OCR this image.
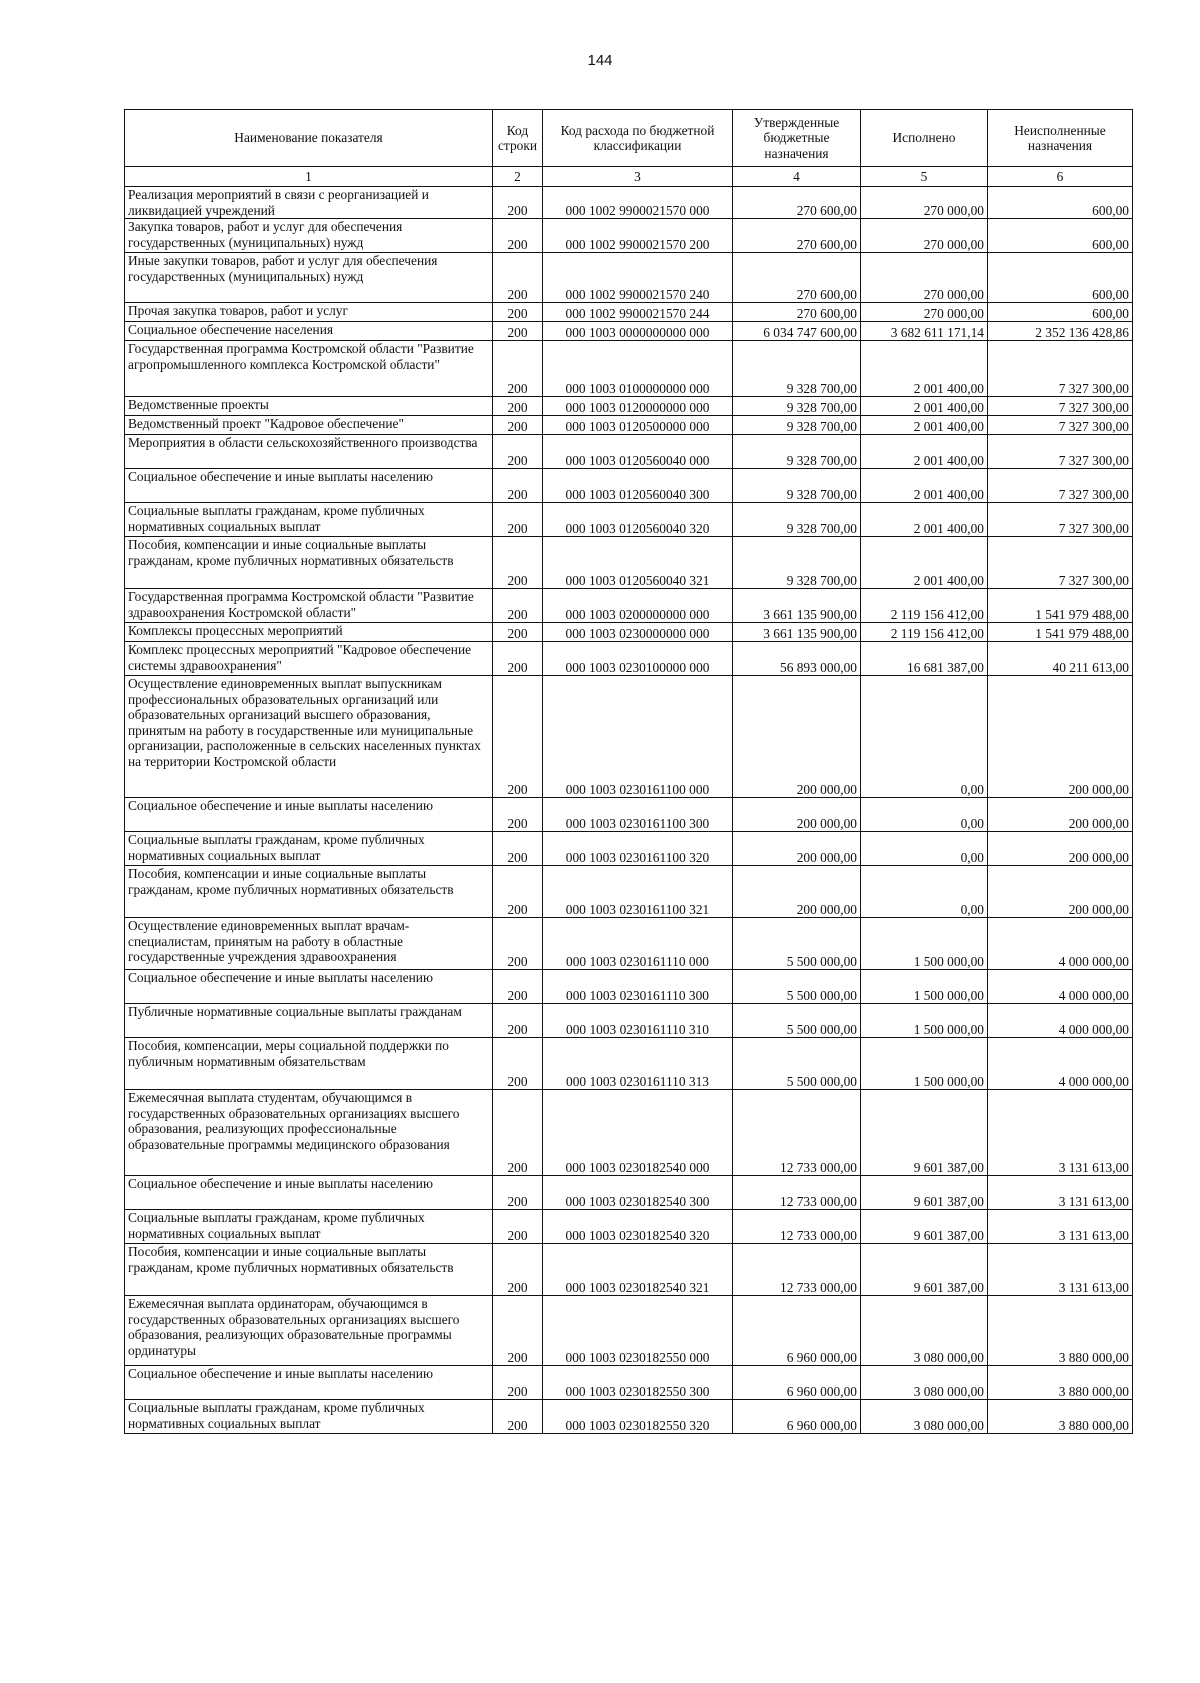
144
Наименование показателя	Код строки	Код расхода по бюджетной классификации	Утвержденные бюджетные назначения	Исполнено	Неисполненные назначения
1	2	3	4	5	6
Реализация мероприятий в связи с реорганизацией и ликвидацией учреждений	200	000 1002 9900021570 000	270 600,00	270 000,00	600,00
Закупка товаров, работ и услуг для обеспечения государственных (муниципальных) нужд	200	000 1002 9900021570 200	270 600,00	270 000,00	600,00
Иные закупки товаров, работ и услуг для обеспечения государственных (муниципальных) нужд	200	000 1002 9900021570 240	270 600,00	270 000,00	600,00
Прочая закупка товаров, работ и услуг	200	000 1002 9900021570 244	270 600,00	270 000,00	600,00
Социальное обеспечение населения	200	000 1003 0000000000 000	6 034 747 600,00	3 682 611 171,14	2 352 136 428,86
Государственная программа Костромской области "Развитие агропромышленного комплекса Костромской области"	200	000 1003 0100000000 000	9 328 700,00	2 001 400,00	7 327 300,00
Ведомственные проекты	200	000 1003 0120000000 000	9 328 700,00	2 001 400,00	7 327 300,00
Ведомственный проект "Кадровое обеспечение"	200	000 1003 0120500000 000	9 328 700,00	2 001 400,00	7 327 300,00
Мероприятия в области сельскохозяйственного производства	200	000 1003 0120560040 000	9 328 700,00	2 001 400,00	7 327 300,00
Социальное обеспечение и иные выплаты населению	200	000 1003 0120560040 300	9 328 700,00	2 001 400,00	7 327 300,00
Социальные выплаты гражданам, кроме публичных нормативных социальных выплат	200	000 1003 0120560040 320	9 328 700,00	2 001 400,00	7 327 300,00
Пособия, компенсации и иные социальные выплаты гражданам, кроме публичных нормативных обязательств	200	000 1003 0120560040 321	9 328 700,00	2 001 400,00	7 327 300,00
Государственная программа Костромской области "Развитие здравоохранения Костромской области"	200	000 1003 0200000000 000	3 661 135 900,00	2 119 156 412,00	1 541 979 488,00
Комплексы процессных мероприятий	200	000 1003 0230000000 000	3 661 135 900,00	2 119 156 412,00	1 541 979 488,00
Комплекс процессных мероприятий "Кадровое обеспечение системы здравоохранения"	200	000 1003 0230100000 000	56 893 000,00	16 681 387,00	40 211 613,00
Осуществление единовременных выплат выпускникам профессиональных образовательных организаций или образовательных организаций высшего образования, принятым на работу в государственные или муниципальные организации, расположенные в сельских населенных пунктах на территории Костромской области	200	000 1003 0230161100 000	200 000,00	0,00	200 000,00
Социальное обеспечение и иные выплаты населению	200	000 1003 0230161100 300	200 000,00	0,00	200 000,00
Социальные выплаты гражданам, кроме публичных нормативных социальных выплат	200	000 1003 0230161100 320	200 000,00	0,00	200 000,00
Пособия, компенсации и иные социальные выплаты гражданам, кроме публичных нормативных обязательств	200	000 1003 0230161100 321	200 000,00	0,00	200 000,00
Осуществление единовременных выплат врачам-специалистам, принятым на работу в областные государственные учреждения здравоохранения	200	000 1003 0230161110 000	5 500 000,00	1 500 000,00	4 000 000,00
Социальное обеспечение и иные выплаты населению	200	000 1003 0230161110 300	5 500 000,00	1 500 000,00	4 000 000,00
Публичные нормативные социальные выплаты гражданам	200	000 1003 0230161110 310	5 500 000,00	1 500 000,00	4 000 000,00
Пособия, компенсации, меры социальной поддержки по публичным нормативным обязательствам	200	000 1003 0230161110 313	5 500 000,00	1 500 000,00	4 000 000,00
Ежемесячная выплата студентам, обучающимся в государственных образовательных организациях высшего образования, реализующих профессиональные образовательные программы медицинского образования	200	000 1003 0230182540 000	12 733 000,00	9 601 387,00	3 131 613,00
Социальное обеспечение и иные выплаты населению	200	000 1003 0230182540 300	12 733 000,00	9 601 387,00	3 131 613,00
Социальные выплаты гражданам, кроме публичных нормативных социальных выплат	200	000 1003 0230182540 320	12 733 000,00	9 601 387,00	3 131 613,00
Пособия, компенсации и иные социальные выплаты гражданам, кроме публичных нормативных обязательств	200	000 1003 0230182540 321	12 733 000,00	9 601 387,00	3 131 613,00
Ежемесячная выплата ординаторам, обучающимся в государственных образовательных организациях высшего образования, реализующих образовательные программы ординатуры	200	000 1003 0230182550 000	6 960 000,00	3 080 000,00	3 880 000,00
Социальное обеспечение и иные выплаты населению	200	000 1003 0230182550 300	6 960 000,00	3 080 000,00	3 880 000,00
Социальные выплаты гражданам, кроме публичных нормативных социальных выплат	200	000 1003 0230182550 320	6 960 000,00	3 080 000,00	3 880 000,00
